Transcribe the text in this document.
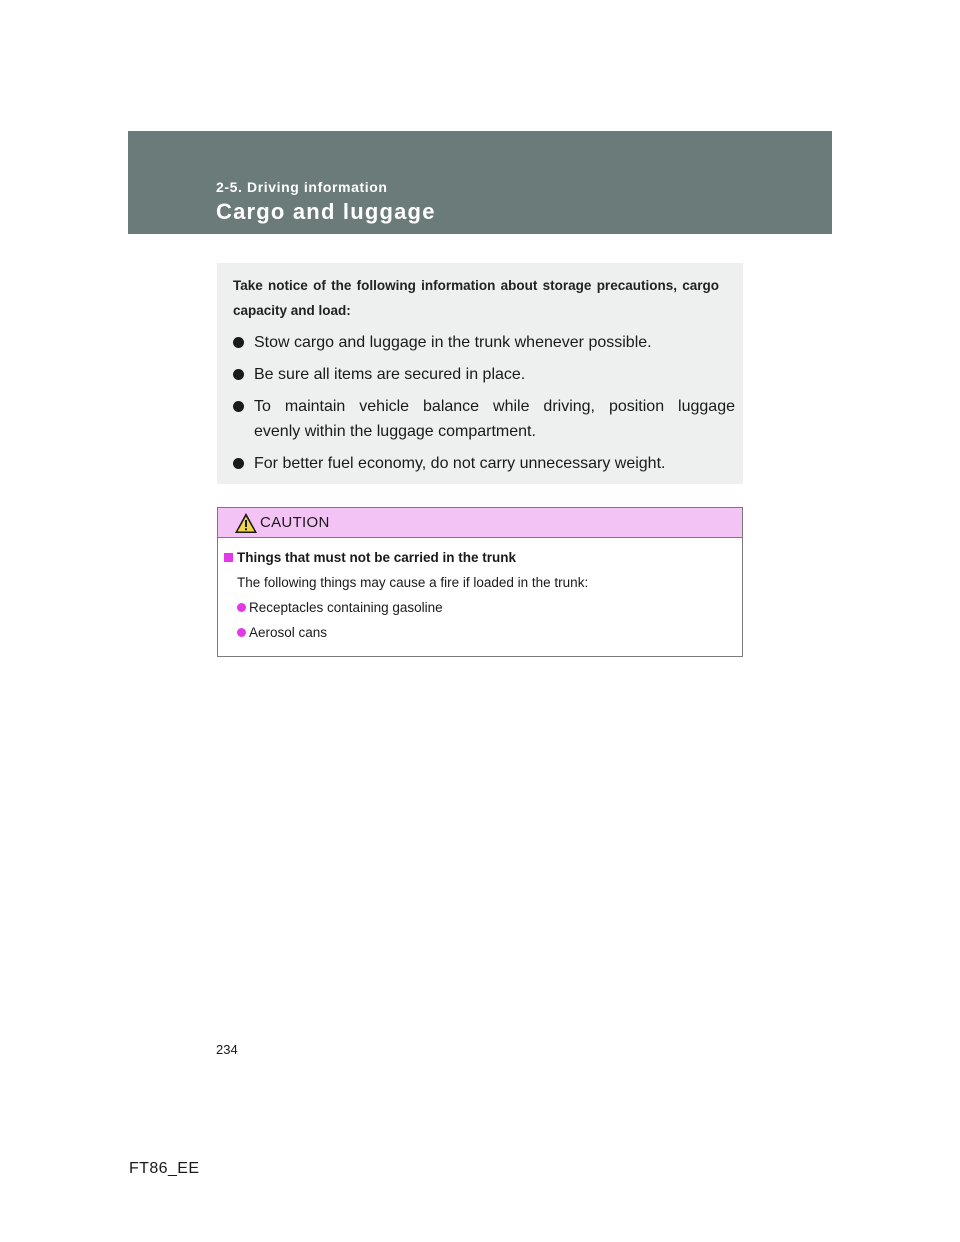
2-5. Driving information
Cargo and luggage

Take notice of the following information about storage precautions, cargo capacity and load:

Stow cargo and luggage in the trunk whenever possible.
Be sure all items are secured in place.
To maintain vehicle balance while driving, position luggage
evenly within the luggage compartment.
For better fuel economy, do not carry unnecessary weight.
CAUTION
Things that must not be carried in the trunk
The following things may cause a fire if loaded in the trunk:
Receptacles containing gasoline
Aerosol cans
234
FT86_EE
